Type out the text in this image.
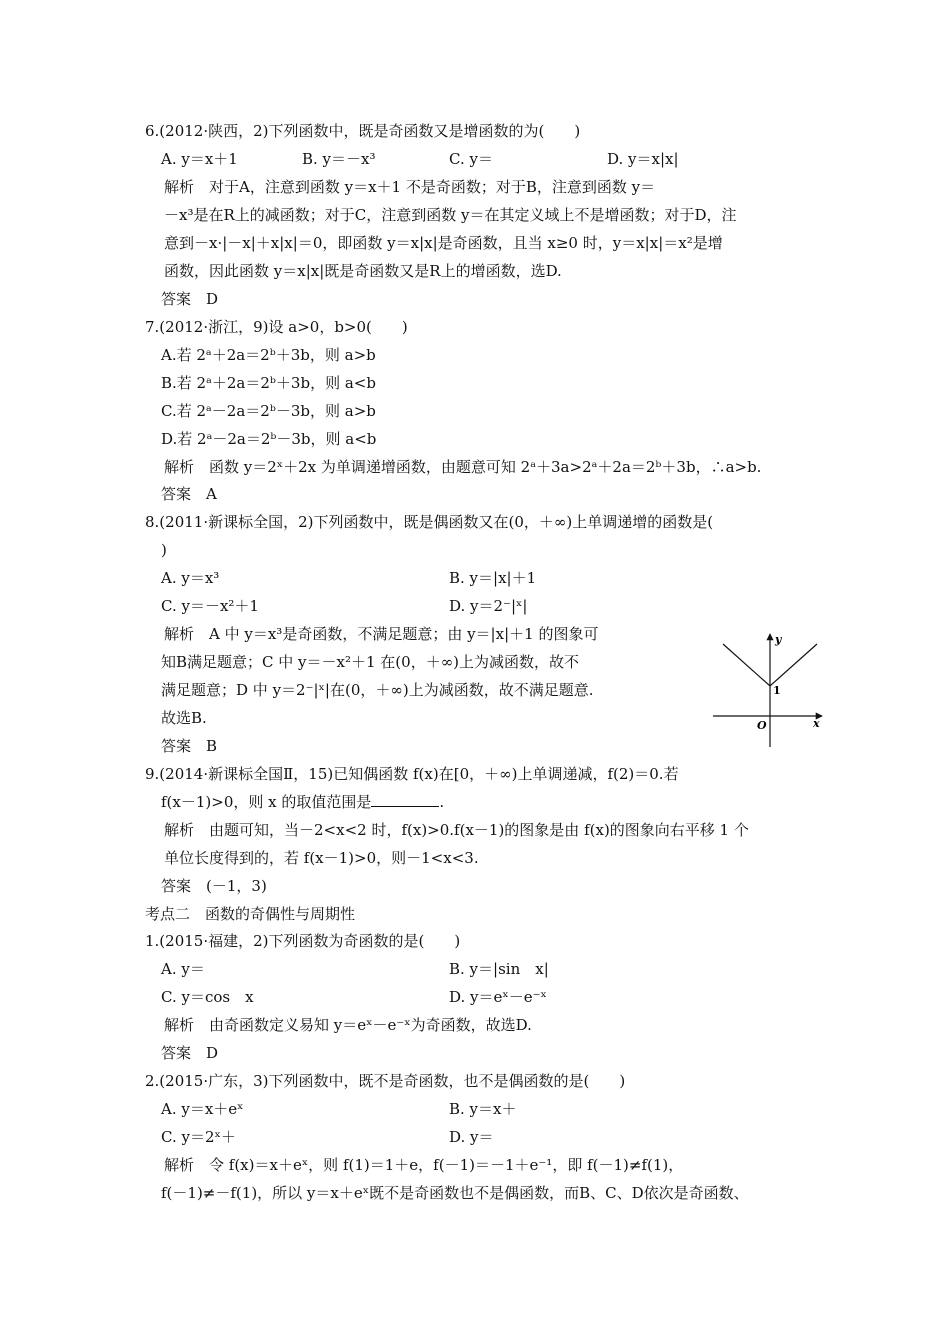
6.(2012·陕西，2)下列函数中，既是奇函数又是增函数的为(　　)
A. y＝x＋1	B. y＝－x³	C. y＝	D. y＝x|x|
解析　对于A，注意到函数 y＝x＋1 不是奇函数；对于B，注意到函数 y＝
－x³是在R上的减函数；对于C，注意到函数 y＝在其定义域上不是增函数；对于D，注
意到－x·|－x|＋x|x|＝0，即函数 y＝x|x|是奇函数，且当 x≥0 时，y＝x|x|＝x²是增
函数，因此函数 y＝x|x|既是奇函数又是R上的增函数，选D.
答案　D
7.(2012·浙江，9)设 a>0，b>0(　　)
A.若 2ᵃ＋2a＝2ᵇ＋3b，则 a>b
B.若 2ᵃ＋2a＝2ᵇ＋3b，则 a<b
C.若 2ᵃ－2a＝2ᵇ－3b，则 a>b
D.若 2ᵃ－2a＝2ᵇ－3b，则 a<b
解析　函数 y＝2ˣ＋2x 为单调递增函数，由题意可知 2ᵃ＋3a>2ᵃ＋2a＝2ᵇ＋3b，∴a>b.
答案　A
8.(2011·新课标全国，2)下列函数中，既是偶函数又在(0，＋∞)上单调递增的函数是(
)
A. y＝x³	B. y＝|x|＋1
C. y＝－x²＋1	D. y＝2⁻|ˣ|
解析　A 中 y＝x³是奇函数，不满足题意；由 y＝|x|＋1 的图象可
知B满足题意；C 中 y＝－x²＋1 在(0，＋∞)上为减函数，故不
满足题意；D 中 y＝2⁻|ˣ|在(0，＋∞)上为减函数，故不满足题意.
故选B.
答案　B
y
x
O
1
9.(2014·新课标全国Ⅱ，15)已知偶函数 f(x)在[0，＋∞)上单调递减，f(2)＝0.若
f(x－1)>0，则 x 的取值范围是	.
解析　由题可知，当－2<x<2 时，f(x)>0.f(x－1)的图象是由 f(x)的图象向右平移 1 个
单位长度得到的，若 f(x－1)>0，则－1<x<3.
答案　(－1，3)
考点二　函数的奇偶性与周期性
1.(2015·福建，2)下列函数为奇函数的是(　　)
A. y＝	B. y＝|sin　x|
C. y＝cos　x	D. y＝eˣ－e⁻ˣ
解析　由奇函数定义易知 y＝eˣ－e⁻ˣ为奇函数，故选D.
答案　D
2.(2015·广东，3)下列函数中，既不是奇函数，也不是偶函数的是(　　)
A. y＝x＋eˣ	B. y＝x＋
C. y＝2ˣ＋	D. y＝
解析　令 f(x)＝x＋eˣ，则 f(1)＝1＋e，f(－1)＝－1＋e⁻¹，即 f(－1)≠f(1)，
f(－1)≠－f(1)，所以 y＝x＋eˣ既不是奇函数也不是偶函数，而B、C、D依次是奇函数、
